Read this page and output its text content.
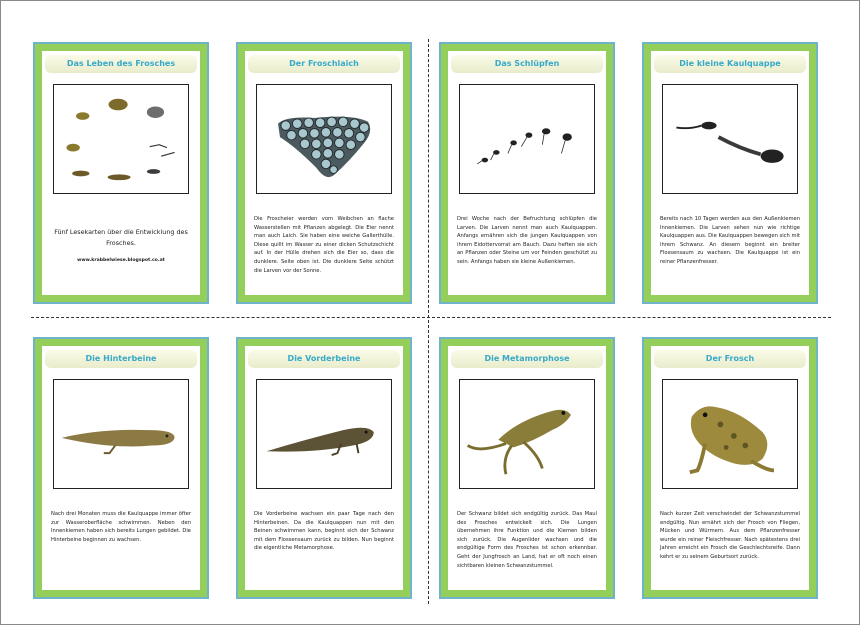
Das Leben des Frosches
Fünf Lesekarten über die Entwicklung des Frosches.
www.krabbelwiese.blogspot.co.at
Der Froschlaich
Die Froscheier werden vom Weibchen an flache Wasserstellen mit Pflanzen abgelegt. Die Eier nennt man auch Laich. Sie haben eine weiche Gallerthülle. Diese quillt im Wasser zu einer dicken Schutzschicht auf. In der Hülle drehen sich die Eier so, dass die dunklere. Seite oben ist. Die dunklere Seite schützt die Larven vor der Sonne.
Das Schlüpfen
Drei Woche nach der Befruchtung schlüpfen die Larven. Die Larven nennt man auch Kaulquappen. Anfangs ernähren sich die jungen Kaulquappen von ihrem Eidottervorrat am Bauch. Dazu heften sie sich an Pflanzen oder Steine um vor Feinden geschützt zu sein. Anfangs haben sie kleine Außenkiemen.
Die kleine Kaulquappe
Bereits nach 10 Tagen werden aus den Außenkiemen Innenkiemen. Die Larven sehen nun wie richtige Kaulquappen aus. Die Kaulquappen bewegen sich mit ihrem Schwanz. An diesem beginnt ein breiter Flossensaum zu wachsen. Die Kaulquappe ist ein reiner Pflanzenfresser.
Die Hinterbeine
Nach drei Monaten muss die Kaulquappe immer öfter zur Wasseroberfläche schwimmen. Neben den Innenkiemen haben sich bereits Lungen gebildet. Die Hinterbeine beginnen zu wachsen.
Die Vorderbeine
Die Vorderbeine wachsen ein paar Tage nach den Hinterbeinen. Da die Kaulquappen nun mit den Beinen schwimmen kann, beginnt sich der Schwanz mit dem Flossensaum zurück zu bilden. Nun beginnt die eigentliche Metamorphose.
Die Metamorphose
Der Schwanz bildet sich endgültig zurück. Das Maul des Frosches entwickelt sich. Die Lungen übernehmen ihre Funktion und die Kiemen bilden sich zurück. Die Augenlider wachsen und die endgültige Form des Frosches ist schon erkennbar. Geht der Jungfrosch an Land, hat er oft noch einen sichtbaren kleinen Schwanzstummel.
Der Frosch
Nach kurzer Zeit verschwindet der Schwanzstummel endgültig. Nun ernährt sich der Frosch von Fliegen, Mücken und Würmern. Aus dem Pflanzenfresser wurde ein reiner Fleischfresser. Nach spätestens drei Jahren erreicht ein Frosch die Geschlechtsreife. Dann kehrt er zu seinem Geburtsort zurück.
